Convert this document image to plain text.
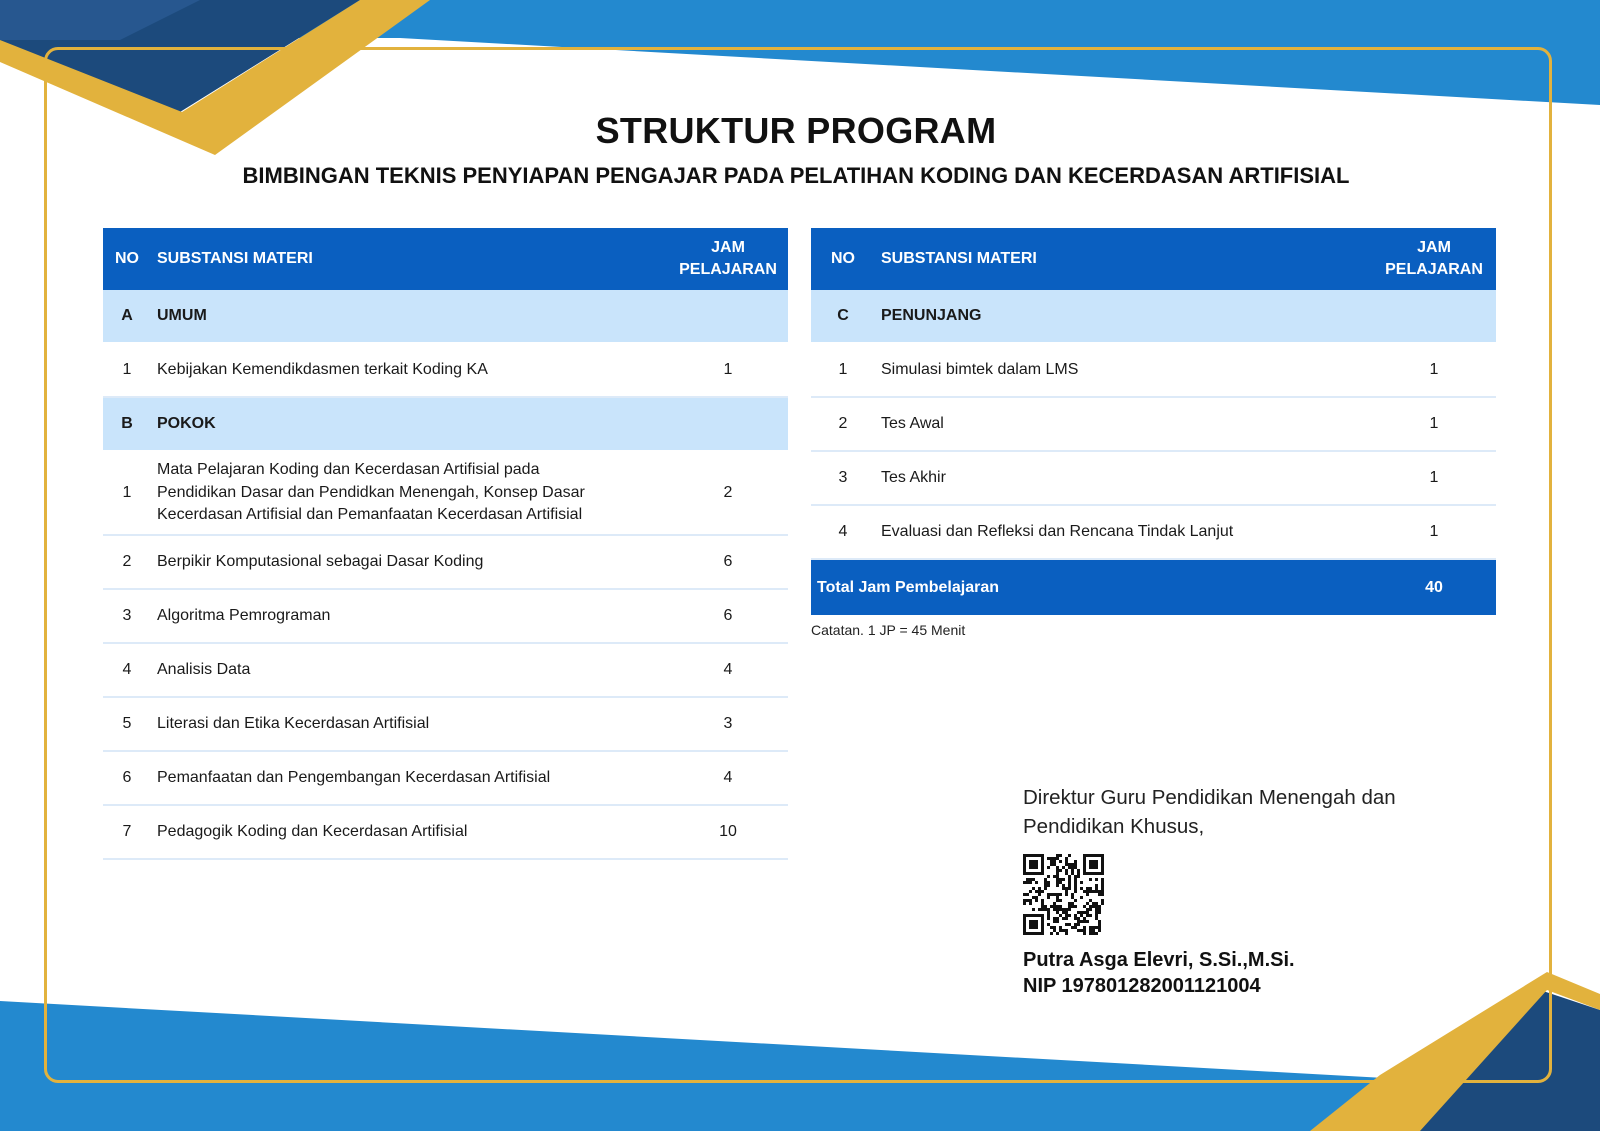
STRUKTUR PROGRAM
BIMBINGAN TEKNIS PENYIAPAN PENGAJAR PADA PELATIHAN KODING DAN KECERDASAN ARTIFISIAL
NO	SUBSTANSI MATERI	JAM
PELAJARAN
A	UMUM	
1	Kebijakan Kemendikdasmen terkait Koding KA	1
B	POKOK	
1	Mata Pelajaran Koding dan Kecerdasan Artifisial pada
Pendidikan Dasar dan Pendidkan Menengah, Konsep Dasar
Kecerdasan Artifisial dan Pemanfaatan Kecerdasan Artifisial	2
2	Berpikir Komputasional sebagai Dasar Koding	6
3	Algoritma Pemrograman	6
4	Analisis Data	4
5	Literasi dan Etika Kecerdasan Artifisial	3
6	Pemanfaatan dan Pengembangan Kecerdasan Artifisial	4
7	Pedagogik Koding dan Kecerdasan Artifisial	10
NO	SUBSTANSI MATERI	JAM
PELAJARAN
C	PENUNJANG	
1	Simulasi bimtek dalam LMS	1
2	Tes Awal	1
3	Tes Akhir	1
4	Evaluasi dan Refleksi dan Rencana Tindak Lanjut	1
Total Jam Pembelajaran		40
Catatan. 1 JP = 45 Menit
Direktur Guru Pendidikan Menengah dan
Pendidikan Khusus,
Putra Asga Elevri, S.Si.,M.Si.
NIP 197801282001121004
